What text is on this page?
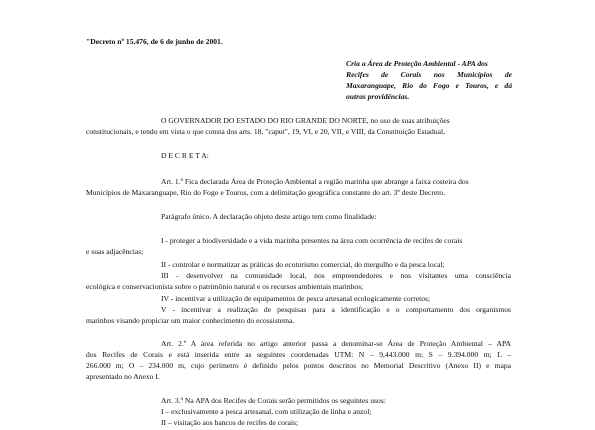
"Decreto nº 15.476, de 6 de junho de 2001.
Cria a Área de Proteção Ambiental - APA dos
Recifes de Corais nos Municípios de
Maxaranguape, Rio do Fogo e Touros, e dá
outras providências.
O GOVERNADOR DO ESTADO DO RIO GRANDE DO NORTE, no uso de suas atribuições
constitucionais, e tendo em vista o que consta dos arts. 18, "caput", 19, VI, e 20, VII, e VIII, da Constituição Estadual,
D E C R E T A:
Art. 1.º Fica declarada Área de Proteção Ambiental a região marinha que abrange a faixa costeira dos
Municípios de Maxaranguape, Rio do Fogo e Touros, com a delimitação geográfica constante do art. 3º deste Decreto.
Parágrafo único. A declaração objeto deste artigo tem como finalidade:
I - proteger a biodiversidade e a vida marinha presentes na área com ocorrência de recifes de corais
e suas adjacências;
II - controlar e normatizar as práticas do ecoturismo comercial, do mergulho e da pesca local;
III - desenvolver na comunidade local, nos empreendedores e nos visitantes uma consciência
ecológica e conservacionista sobre o patrimônio natural e os recursos ambientais marinhos;
IV - incentivar a utilização de equipamentos de pesca artesanal ecologicamente corretos;
V - incentivar a realização de pesquisas para a identificação e o comportamento dos organismos
marinhos visando propiciar um maior conhecimento do ecossistema.
Art. 2.º A área referida no artigo anterior passa a denominar-se Área de Proteção Ambiental – APA
dos Recifes de Corais e está inserida entre as seguintes coordenadas UTM: N – 9,443.000 m; S – 9.394.000 m; L –
266.000 m; O – 234.000 m, cujo perímetro é definido pelos pontos descritos no Memorial Descritivo (Anexo II) e mapa
apresentado no Anexo I.
Art. 3.º Na APA dos Recifes de Corais serão permitidos os seguintes usos:
I – exclusivamente a pesca artesanal, com utilização de linha e anzol;
II – visitação aos bancos de recifes de corais;
